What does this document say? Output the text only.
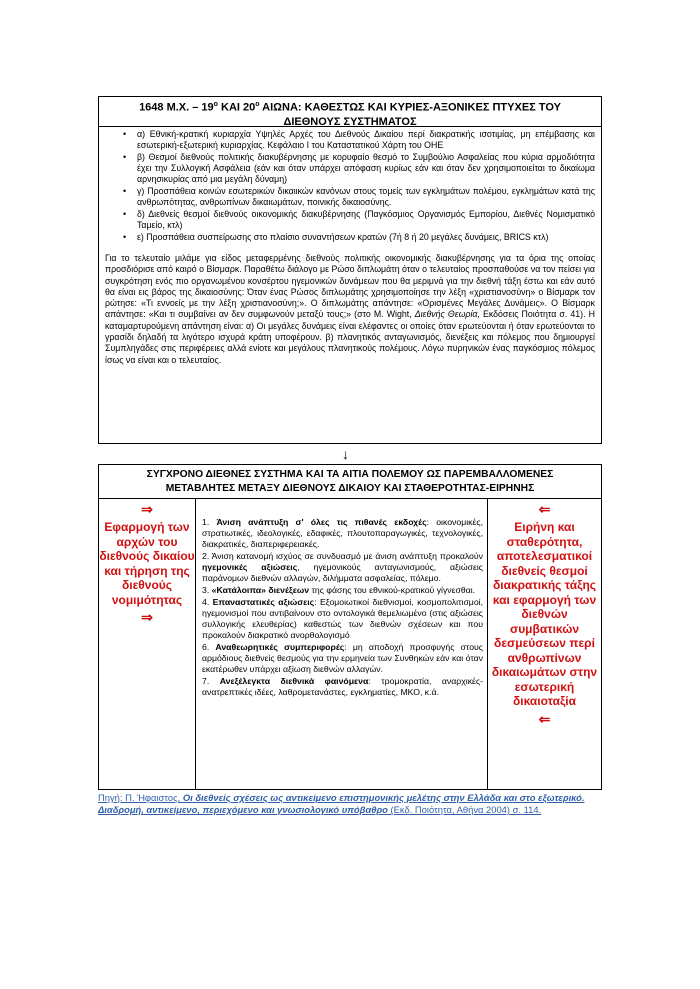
1648 Μ.Χ. – $19^o$ ΚΑΙ $20^o$ ΑΙΩΝΑ: ΚΑΘΕΣΤΩΣ ΚΑΙ ΚΥΡΙΕΣ-ΑΞΟΝΙΚΕΣ ΠΤΥΧΕΣ ΤΟΥ
ΔΙΕΘΝΟΥΣ ΣΥΣΤΗΜΑΤΟΣ
• α) Εθνική-κρατική κυριαρχία Υψηλές Αρχές του Διεθνούς Δικαίου περί διακρατικής ισοτιμίας, μη επέμβασης και εσωτερική-εξωτερική κυριαρχίας. Κεφάλαιο Ι του Καταστατικού Χάρτη του ΟΗΕ
• β) Θεσμοί διεθνούς πολιτικής διακυβέρνησης με κορυφαίο θεσμό το Συμβούλιο Ασφαλείας που κύρια αρμοδιότητα έχει την Συλλογική Ασφάλεια (εάν και όταν υπάρχει απόφαση κυρίως εάν και όταν δεν χρησιμοποιείται το δικαίωμα αρνησικυρίας από μια μεγάλη δύναμη)
• γ) Προσπάθεια κοινών εσωτερικών δικαιικών κανόνων στους τομείς των εγκλημάτων πολέμου, εγκλημάτων κατά της ανθρωπότητας, ανθρωπίνων δικαιωμάτων, ποινικής δικαιοσύνης.
• δ) Διεθνείς θεσμοί διεθνούς οικονομικής διακυβέρνησης (Παγκόσμιος Οργανισμός Εμπορίου, Διεθνές Νομισματικό Ταμείο, κτλ)
• ε) Προσπάθεια συσπείρωσης στο πλαίσιο συναντήσεων κρατών (7ή 8 ή 20 μεγάλες δυνάμεις, BRICS κτλ)

Για το τελευταίο μιλάμε για είδος μεταφερμένης διεθνούς πολιτικής οικονομικής διακυβέρνησης για τα όρια της οποίας προσδιόρισε από καιρό ο Βίσμαρκ. Παραθέτω διάλογο με Ρώσο διπλωμάτη όταν ο τελευταίος προσπαθούσε να τον πείσει για συγκρότηση ενός πιο οργανωμένου κονσέρτου ηγεμονικών δυνάμεων που θα μεριμνά για την διεθνή τάξη έστω και εάν αυτό θα είναι εις βάρος της δικαιοσύνης: Όταν ένας Ρώσος διπλωμάτης χρησιμοποίησε την λέξη «χριστιανοσύνη» ο Βίσμαρκ τον ρώτησε: «Τι εννοείς με την λέξη χριστιανοσύνη;». Ο διπλωμάτης απάντησε: «Ορισμένες Μεγάλες Δυνάμεις». Ο Βίσμαρκ απάντησε: «Και τι συμβαίνει αν δεν συμφωνούν μεταξύ τους;» (στο M. Wight, Διεθνής Θεωρία, Εκδόσεις Ποιότητα σ. 41). Η καταμαρτυρούμενη απάντηση είναι: α) Οι μεγάλες δυνάμεις είναι ελέφαντες οι οποίες όταν ερωτεύονται ή όταν ερωτεύονται το γρασίδι δηλαδή τα λιγότερο ισχυρά κράτη υποφέρουν. β) πλανητικός ανταγωνισμός, διενέξεις και πόλεμος που δημιουργεί Συμπληγάδες στις περιφέρειες αλλά ενίοτε και μεγάλους πλανητικούς πολέμους. Λόγω πυρηνικών ένας παγκόσμιος πόλεμος ίσως να είναι και ο τελευταίος.

↓
ΣΥΓΧΡΟΝΟ ΔΙΕΘΝΕΣ ΣΥΣΤΗΜΑ ΚΑΙ ΤΑ ΑΙΤΙΑ ΠΟΛΕΜΟΥ ΩΣ ΠΑΡΕΜΒΑΛΛΟΜΕΝΕΣ
ΜΕΤΑΒΛΗΤΕΣ ΜΕΤΑΞΥ ΔΙΕΘΝΟΥΣ ΔΙΚΑΙΟΥ ΚΑΙ ΣΤΑΘΕΡΟΤΗΤΑΣ-ΕΙΡΗΝΗΣ
⇒
Εφαρμογή των αρχών του διεθνούς δικαίου και τήρηση της διεθνούς νομιμότητας
⇒
1. Άνιση ανάπτυξη σ' όλες τις πιθανές εκδοχές: οικονομικές, στρατιωτικές, ιδεολογικές, εδαφικές, πλουτοπαραγωγικές, τεχνολογικές, διακρατικές, διαπεριφερειακές.
2. Άνιση κατανομή ισχύος σε συνδυασμό με άνιση ανάπτυξη προκαλούν ηγεμονικές αξιώσεις, ηγεμονικούς ανταγωνισμούς, αξιώσεις παράνομων διεθνών αλλαγών, διλήμματα ασφαλείας, πόλεμο.
3. «Κατάλοιπα» διενέξεων της φάσης του εθνικού-κρατικού γίγνεσθαι.
4. Επαναστατικές αξιώσεις: Εξομοιωτικοί διεθνισμοί, κοσμοπολιτισμοί, ηγεμονισμοί που αντιβαίνουν στο οντολογικά θεμελιωμένο (στις αξιώσεις συλλογικής ελευθερίας) καθεστώς των διεθνών σχέσεων και που προκαλούν διακρατικό ανορθολογισμό
6. Αναθεωρητικές συμπεριφορές: μη αποδοχή προσφυγής στους αρμόδιους διεθνείς θεσμούς για την ερμηνεία των Συνθηκών εάν και όταν εκατέρωθεν υπάρχει αξίωση διεθνών αλλαγών.
7. Ανεξέλεγκτα διεθνικά φαινόμενα: τρομοκρατία, αναρχικές-ανατρεπτικές ιδέες, λαθρομετανάστες, εγκληματίες, ΜΚΟ, κ.ά.
⇐
Ειρήνη και σταθερότητα, αποτελεσματικοί διεθνείς θεσμοί διακρατικής τάξης και εφαρμογή των διεθνών συμβατικών δεσμεύσεων περί ανθρωπίνων δικαιωμάτων στην εσωτερική δικαιοταξία
⇐
Πηγή: Π. Ήφαιστος, Οι διεθνείς σχέσεις ως αντικείμενο επιστημονικής μελέτης στην Ελλάδα και στο εξωτερικό. Διαδρομή, αντικείμενο, περιεχόμενο και γνωσιολογικό υπόβαθρο (Εκδ. Ποιότητα, Αθήνα 2004) σ. 114.
